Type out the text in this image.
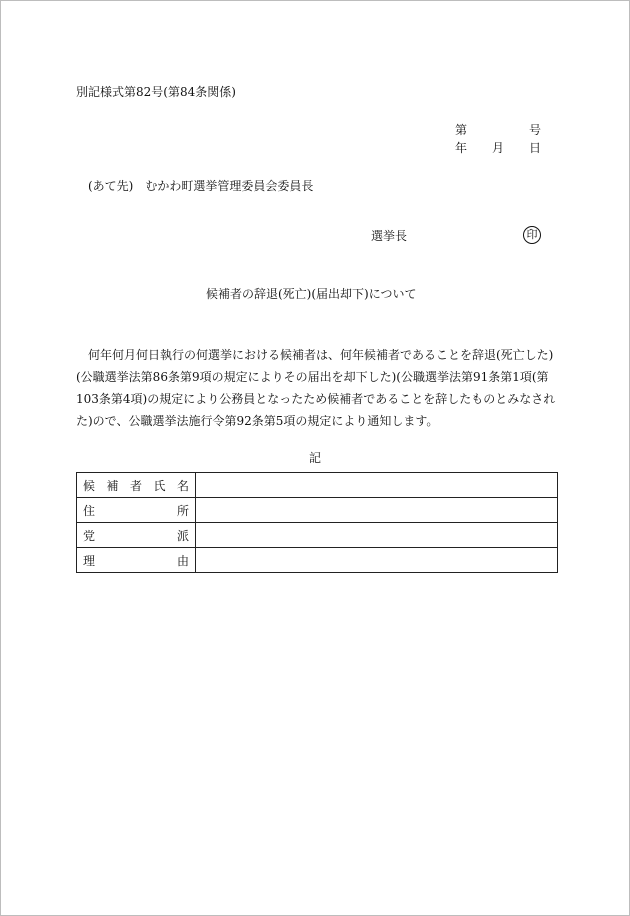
別記様式第82号(第84条関係)
第	号
年 月 日
(あて先)　むかわ町選挙管理委員会委員長
選挙長	印
候補者の辞退(死亡)(届出却下)について
　何年何月何日執行の何選挙における候補者は、何年候補者であることを辞退(死亡した)
(公職選挙法第86条第9項の規定によりその届出を却下した)(公職選挙法第91条第1項(第
103条第4項)の規定により公務員となったため候補者であることを辞したものとみなされ
た)ので、公職選挙法施行令第92条第5項の規定により通知します。
記
候補者氏名	
住所	
党派	
理由	
